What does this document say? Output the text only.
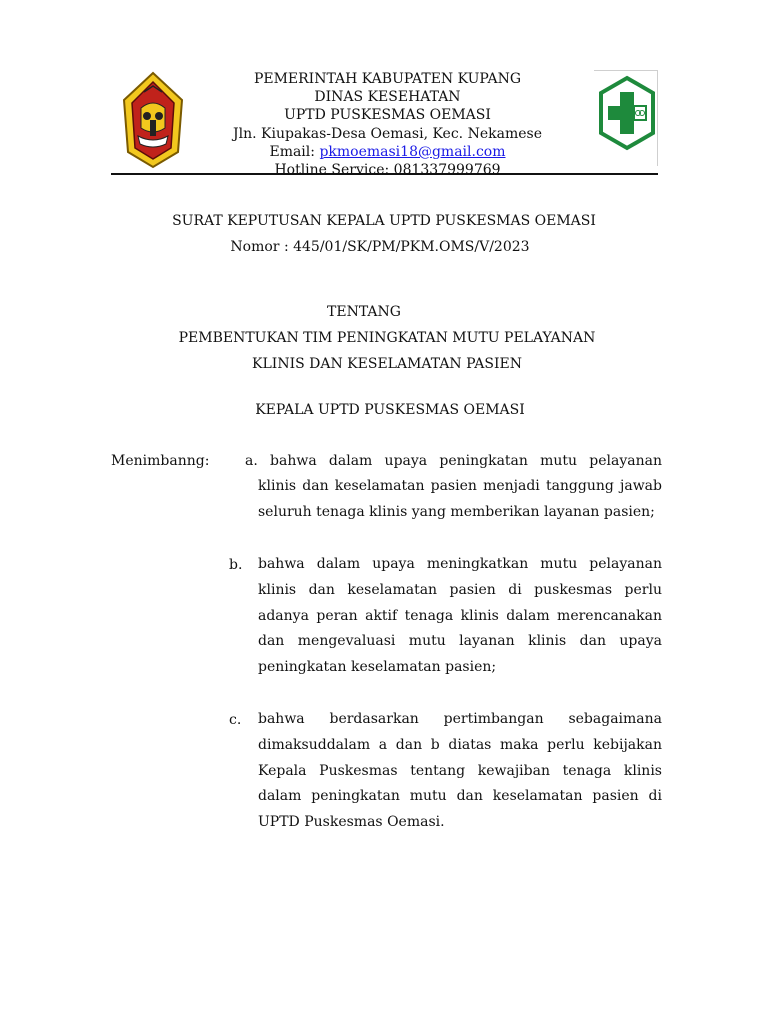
PEMERINTAH KABUPATEN KUPANG
DINAS KESEHATAN
UPTD PUSKESMAS OEMASI
Jln. Kiupakas-Desa Oemasi, Kec. Nekamese
Email: pkmoemasi18@gmail.com
Hotline Service: 081337999769
SURAT KEPUTUSAN KEPALA UPTD PUSKESMAS OEMASI
Nomor : 445/01/SK/PM/PKM.OMS/V/2023
TENTANG
PEMBENTUKAN TIM PENINGKATAN MUTU PELAYANAN
KLINIS DAN KESELAMATAN PASIEN
KEPALA UPTD PUSKESMAS OEMASI
Menimbanng:	a. bahwa dalam upaya peningkatan mutu pelayanan
klinis dan keselamatan pasien menjadi tanggung jawab seluruh tenaga klinis yang memberikan layanan pasien;
b. bahwa dalam upaya meningkatkan mutu pelayanan klinis dan keselamatan pasien di puskesmas perlu adanya peran aktif tenaga klinis dalam merencanakan dan mengevaluasi mutu layanan klinis dan upaya peningkatan keselamatan pasien;
c. bahwa berdasarkan pertimbangan sebagaimana dimaksuddalam a dan b diatas maka perlu kebijakan Kepala Puskesmas tentang kewajiban tenaga klinis dalam peningkatan mutu dan keselamatan pasien di UPTD Puskesmas Oemasi.
